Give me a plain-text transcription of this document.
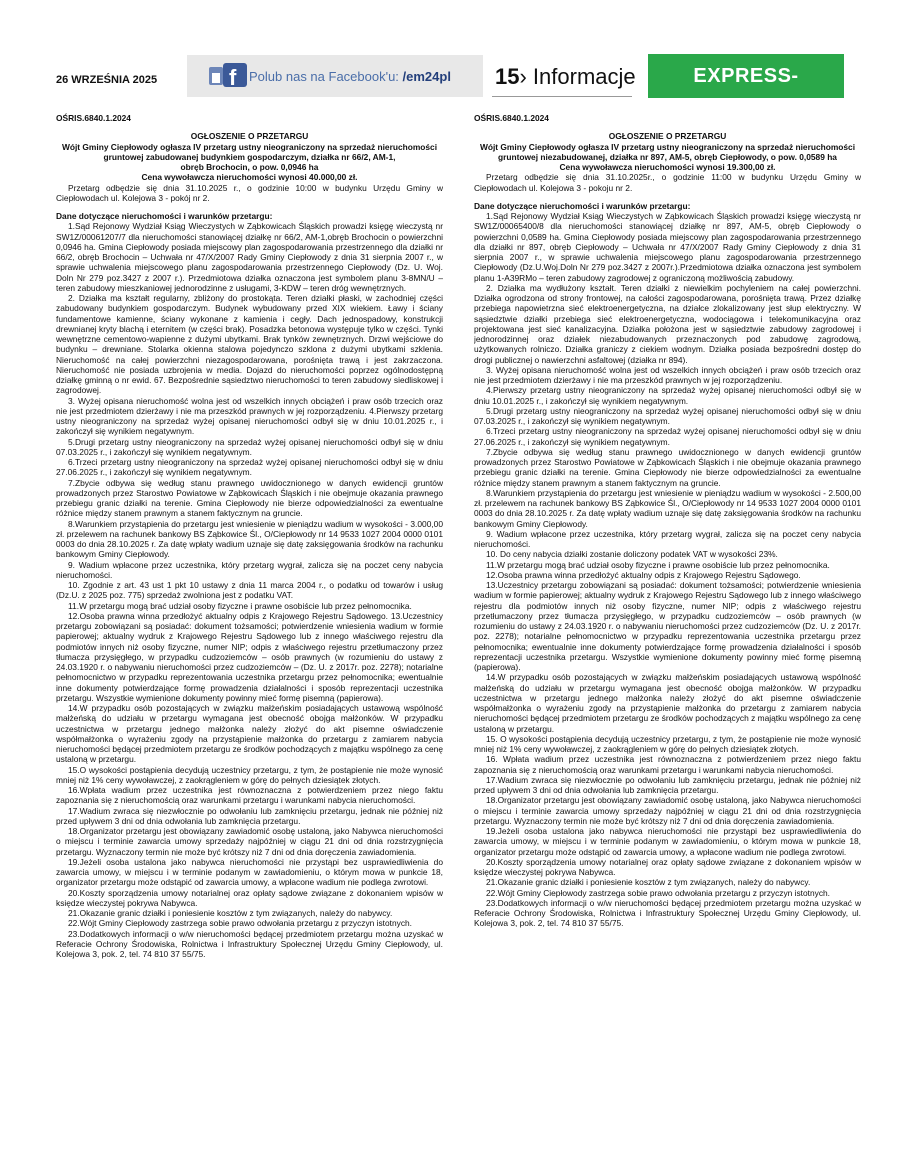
26 WRZEŚNIA 2025	f Polub nas na Facebook'u: /em24pl 15› Informacje	EXPRESS-MIEJSKI.PL

OŚRIS.6840.1.2024

OGŁOSZENIE O PRZETARGU

Wójt Gminy Ciepłowody ogłasza IV przetarg ustny nieograniczony na sprzedaż nieruchomości

gruntowej zabudowanej budynkiem gospodarczym, działka nr 66/2, AM-1,

obręb Brochocin, o pow. 0,0946 ha

Cena wywoławcza nieruchomości wynosi 40.000,00 zł.

Przetarg odbędzie się dnia 31.10.2025 r., o godzinie 10:00 w budynku Urzędu Gminy w Ciepłowodach ul. Kolejowa 3 - pokój nr 2.

Dane dotyczące nieruchomości i warunków przetargu:

1.Sąd Rejonowy Wydział Ksiąg Wieczystych w Ząbkowicach Śląskich prowadzi księgę wieczystą nr SW1Z/00061207/7 dla nieruchomości stanowiącej działkę nr 66/2, AM-1,obręb Brochocin o powierzchni 0,0946 ha. Gmina Ciepłowody posiada miejscowy plan zagospodarowania przestrzennego dla działki nr 66/2, obręb Brochocin – Uchwała nr 47/X/2007 Rady Gminy Ciepłowody z dnia 31 sierpnia 2007 r., w sprawie uchwalenia miejscowego planu zagospodarowania przestrzennego Ciepłowody (Dz. U. Woj. Doln Nr 279 poz.3427 z 2007 r.). Przedmiotowa działka oznaczona jest symbolem planu 3-8MN/U – teren zabudowy mieszkaniowej jednorodzinne z usługami, 3-KDW – teren dróg wewnętrznych.

2. Działka ma kształt regularny, zbliżony do prostokąta. Teren działki płaski, w zachodniej części zabudowany budynkiem gospodarczym. Budynek wybudowany przed XIX wiekiem. Ławy i ściany fundamentowe kamienne, ściany wykonane z kamienia i cegły. Dach jednospadowy, konstrukcji drewnianej kryty blachą i eternitem (w części brak). Posadzka betonowa występuje tylko w części. Tynki wewnętrzne cementowo-wapienne z dużymi ubytkami. Brak tynków zewnętrznych. Drzwi wejściowe do budynku – drewniane. Stolarka okienna stalowa pojedynczo szklona z dużymi ubytkami szklenia. Nieruchomość na całej powierzchni niezagospodarowana, porośnięta trawą i jest zakrzaczona. Nieruchomość nie posiada uzbrojenia w media. Dojazd do nieruchomości poprzez ogólnodostępną działkę gminną o nr ewid. 67. Bezpośrednie sąsiedztwo nieruchomości to teren zabudowy siedliskowej i zagrodowej.

3. Wyżej opisana nieruchomość wolna jest od wszelkich innych obciążeń i praw osób trzecich oraz nie jest przedmiotem dzierżawy i nie ma przeszkód prawnych w jej rozporządzeniu. 4.Pierwszy przetarg ustny nieograniczony na sprzedaż wyżej opisanej nieruchomości odbył się w dniu 10.01.2025 r., i zakończył się wynikiem negatywnym.

5.Drugi przetarg ustny nieograniczony na sprzedaż wyżej opisanej nieruchomości odbył się w dniu 07.03.2025 r., i zakończył się wynikiem negatywnym.

6.Trzeci przetarg ustny nieograniczony na sprzedaż wyżej opisanej nieruchomości odbył się w dniu 27.06.2025 r., i zakończył się wynikiem negatywnym.

7.Zbycie odbywa się według stanu prawnego uwidocznionego w danych ewidencji gruntów prowadzonych przez Starostwo Powiatowe w Ząbkowicach Śląskich i nie obejmuje okazania prawnego przebiegu granic działki na terenie. Gmina Ciepłowody nie bierze odpowiedzialności za ewentualne różnice między stanem prawnym a stanem faktycznym na gruncie.

8.Warunkiem przystąpienia do przetargu jest wniesienie w pieniądzu wadium w wysokości - 3.000,00 zł. przelewem na rachunek bankowy BS Ząbkowice Śl., O/Ciepłowody nr 14 9533 1027 2004 0000 0101 0003 do dnia 28.10.2025 r. Za datę wpłaty wadium uznaje się datę zaksięgowania środków na rachunku bankowym Gminy Ciepłowody.

9. Wadium wpłacone przez uczestnika, który przetarg wygrał, zalicza się na poczet ceny nabycia nieruchomości.

10. Zgodnie z art. 43 ust 1 pkt 10 ustawy z dnia 11 marca 2004 r., o podatku od towarów i usług (Dz.U. z 2025 poz. 775) sprzedaż zwolniona jest z podatku VAT.

11.W przetargu mogą brać udział osoby fizyczne i prawne osobiście lub przez pełnomocnika.

12.Osoba prawna winna przedłożyć aktualny odpis z Krajowego Rejestru Sądowego. 13.Uczestnicy przetargu zobowiązani są posiadać: dokument tożsamości; potwierdzenie wniesienia wadium w formie papierowej; aktualny wydruk z Krajowego Rejestru Sądowego lub z innego właściwego rejestru dla podmiotów innych niż osoby fizyczne, numer NIP; odpis z właściwego rejestru przetłumaczony przez tłumacza przysięgłego, w przypadku cudzoziemców – osób prawnych (w rozumieniu do ustawy z 24.03.1920 r. o nabywaniu nieruchomości przez cudzoziemców – (Dz. U. z 2017r. poz. 2278); notarialne pełnomocnictwo w przypadku reprezentowania uczestnika przetargu przez pełnomocnika; ewentualnie inne dokumenty potwierdzające formę prowadzenia działalności i sposób reprezentacji uczestnika przetargu. Wszystkie wymienione dokumenty powinny mieć formę pisemną (papierowa).

14.W przypadku osób pozostających w związku małżeńskim posiadających ustawową wspólność małżeńską do udziału w przetargu wymagana jest obecność obojga małżonków. W przypadku uczestnictwa w przetargu jednego małżonka należy złożyć do akt pisemne oświadczenie współmałżonka o wyrażeniu zgody na przystąpienie małżonka do przetargu z zamiarem nabycia nieruchomości będącej przedmiotem przetargu ze środków pochodzących z majątku wspólnego za cenę ustaloną w przetargu.

15.O wysokości postąpienia decydują uczestnicy przetargu, z tym, że postąpienie nie może wynosić mniej niż 1% ceny wywoławczej, z zaokrągleniem w górę do pełnych dziesiątek złotych.

16.Wpłata wadium przez uczestnika jest równoznaczna z potwierdzeniem przez niego faktu zapoznania się z nieruchomością oraz warunkami przetargu i warunkami nabycia nieruchomości.

17.Wadium zwraca się niezwłocznie po odwołaniu lub zamknięciu przetargu, jednak nie później niż przed upływem 3 dni od dnia odwołania lub zamknięcia przetargu.

18.Organizator przetargu jest obowiązany zawiadomić osobę ustaloną, jako Nabywca nieruchomości o miejscu i terminie zawarcia umowy sprzedaży najpóźniej w ciągu 21 dni od dnia rozstrzygnięcia przetargu. Wyznaczony termin nie może być krótszy niż 7 dni od dnia doręczenia zawiadomienia.

19.Jeżeli osoba ustalona jako nabywca nieruchomości nie przystąpi bez usprawiedliwienia do zawarcia umowy, w miejscu i w terminie podanym w zawiadomieniu, o którym mowa w punkcie 18, organizator przetargu może odstąpić od zawarcia umowy, a wpłacone wadium nie podlega zwrotowi.

20.Koszty sporządzenia umowy notarialnej oraz opłaty sądowe związane z dokonaniem wpisów w księdze wieczystej pokrywa Nabywca.

21.Okazanie granic działki i poniesienie kosztów z tym związanych, należy do nabywcy.

22.Wójt Gminy Ciepłowody zastrzega sobie prawo odwołania przetargu z przyczyn istotnych.

23.Dodatkowych informacji o w/w nieruchomości będącej przedmiotem przetargu można uzyskać w Referacie Ochrony Środowiska, Rolnictwa i Infrastruktury Społecznej Urzędu Gminy Ciepłowody, ul. Kolejowa 3, pok. 2, tel. 74 810 37 55/75.

OŚRIS.6840.1.2024

OGŁOSZENIE O PRZETARGU

Wójt Gminy Ciepłowody ogłasza IV przetarg ustny nieograniczony na sprzedaż nieruchomości gruntowej niezabudowanej, działka nr 897, AM-5, obręb Ciepłowody, o pow. 0,0589 ha

Cena wywoławcza nieruchomości wynosi 19.300,00 zł.

Przetarg odbędzie się dnia 31.10.2025r., o godzinie 11:00 w budynku Urzędu Gminy w Ciepłowodach ul. Kolejowa 3 - pokoju nr 2.

Dane dotyczące nieruchomości i warunków przetargu:

1.Sąd Rejonowy Wydział Ksiąg Wieczystych w Ząbkowicach Śląskich prowadzi księgę wieczystą nr SW1Z/00065400/8 dla nieruchomości stanowiącej działkę nr 897, AM-5, obręb Ciepłowody o powierzchni 0,0589 ha. Gmina Ciepłowody posiada miejscowy plan zagospodarowania przestrzennego dla działki nr 897, obręb Ciepłowody – Uchwała nr 47/X/2007 Rady Gminy Ciepłowody z dnia 31 sierpnia 2007 r., w sprawie uchwalenia miejscowego planu zagospodarowania przestrzennego Ciepłowody (Dz.U.Woj.Doln Nr 279 poz.3427 z 2007r.).Przedmiotowa działka oznaczona jest symbolem planu 1-A39RMo – teren zabudowy zagrodowej z ograniczoną możliwością zabudowy.

2. Działka ma wydłużony kształt. Teren działki z niewielkim pochyleniem na całej powierzchni. Działka ogrodzona od strony frontowej, na całości zagospodarowana, porośnięta trawą. Przez działkę przebiega napowietrzna sieć elektroenergetyczna, na działce zlokalizowany jest słup elektryczny. W sąsiedztwie działki przebiega sieć elektroenergetyczna, wodociągowa i telekomunikacyjna oraz projektowana jest sieć kanalizacyjna. Działka położona jest w sąsiedztwie zabudowy zagrodowej i jednorodzinnej oraz działek niezabudowanych przeznaczonych pod zabudowę zagrodową, użytkowanych rolniczo. Działka graniczy z ciekiem wodnym. Działka posiada bezpośredni dostęp do drogi publicznej o nawierzchni asfaltowej (działka nr 894).

3. Wyżej opisana nieruchomość wolna jest od wszelkich innych obciążeń i praw osób trzecich oraz nie jest przedmiotem dzierżawy i nie ma przeszkód prawnych w jej rozporządzeniu.

4.Pierwszy przetarg ustny nieograniczony na sprzedaż wyżej opisanej nieruchomości odbył się w dniu 10.01.2025 r., i zakończył się wynikiem negatywnym.

5.Drugi przetarg ustny nieograniczony na sprzedaż wyżej opisanej nieruchomości odbył się w dniu 07.03.2025 r., i zakończył się wynikiem negatywnym.

6.Trzeci przetarg ustny nieograniczony na sprzedaż wyżej opisanej nieruchomości odbył się w dniu 27.06.2025 r., i zakończył się wynikiem negatywnym.

7.Zbycie odbywa się według stanu prawnego uwidocznionego w danych ewidencji gruntów prowadzonych przez Starostwo Powiatowe w Ząbkowicach Śląskich i nie obejmuje okazania prawnego przebiegu granic działki na terenie. Gmina Ciepłowody nie bierze odpowiedzialności za ewentualne różnice między stanem prawnym a stanem faktycznym na gruncie.

8.Warunkiem przystąpienia do przetargu jest wniesienie w pieniądzu wadium w wysokości - 2.500,00 zł. przelewem na rachunek bankowy BS Ząbkowice Śl., O/Ciepłowody nr 14 9533 1027 2004 0000 0101 0003 do dnia 28.10.2025 r. Za datę wpłaty wadium uznaje się datę zaksięgowania środków na rachunku bankowym Gminy Ciepłowody.

9. Wadium wpłacone przez uczestnika, który przetarg wygrał, zalicza się na poczet ceny nabycia nieruchomości.

10. Do ceny nabycia działki zostanie doliczony podatek VAT w wysokości 23%.

11.W przetargu mogą brać udział osoby fizyczne i prawne osobiście lub przez pełnomocnika.

12.Osoba prawna winna przedłożyć aktualny odpis z Krajowego Rejestru Sądowego.

13.Uczestnicy przetargu zobowiązani są posiadać: dokument tożsamości; potwierdzenie wniesienia wadium w formie papierowej; aktualny wydruk z Krajowego Rejestru Sądowego lub z innego właściwego rejestru dla podmiotów innych niż osoby fizyczne, numer NIP; odpis z właściwego rejestru przetłumaczony przez tłumacza przysięgłego, w przypadku cudzoziemców – osób prawnych (w rozumieniu do ustawy z 24.03.1920 r. o nabywaniu nieruchomości przez cudzoziemców (Dz. U. z 2017r. poz. 2278); notarialne pełnomocnictwo w przypadku reprezentowania uczestnika przetargu przez pełnomocnika; ewentualnie inne dokumenty potwierdzające formę prowadzenia działalności i sposób reprezentacji uczestnika przetargu. Wszystkie wymienione dokumenty powinny mieć formę pisemną (papierowa).

14.W przypadku osób pozostających w związku małżeńskim posiadających ustawową wspólność małżeńską do udziału w przetargu wymagana jest obecność obojga małżonków. W przypadku uczestnictwa w przetargu jednego małżonka należy złożyć do akt pisemne oświadczenie współmałżonka o wyrażeniu zgody na przystąpienie małżonka do przetargu z zamiarem nabycia nieruchomości będącej przedmiotem przetargu ze środków pochodzących z majątku wspólnego za cenę ustaloną w przetargu.

15. O wysokości postąpienia decydują uczestnicy przetargu, z tym, że postąpienie nie może wynosić mniej niż 1% ceny wywoławczej, z zaokrągleniem w górę do pełnych dziesiątek złotych.

16. Wpłata wadium przez uczestnika jest równoznaczna z potwierdzeniem przez niego faktu zapoznania się z nieruchomością oraz warunkami przetargu i warunkami nabycia nieruchomości.

17.Wadium zwraca się niezwłocznie po odwołaniu lub zamknięciu przetargu, jednak nie później niż przed upływem 3 dni od dnia odwołania lub zamknięcia przetargu.

18.Organizator przetargu jest obowiązany zawiadomić osobę ustaloną, jako Nabywca nieruchomości o miejscu i terminie zawarcia umowy sprzedaży najpóźniej w ciągu 21 dni od dnia rozstrzygnięcia przetargu. Wyznaczony termin nie może być krótszy niż 7 dni od dnia doręczenia zawiadomienia.

19.Jeżeli osoba ustalona jako nabywca nieruchomości nie przystąpi bez usprawiedliwienia do zawarcia umowy, w miejscu i w terminie podanym w zawiadomieniu, o którym mowa w punkcie 18, organizator przetargu może odstąpić od zawarcia umowy, a wpłacone wadium nie podlega zwrotowi.

20.Koszty sporządzenia umowy notarialnej oraz opłaty sądowe związane z dokonaniem wpisów w księdze wieczystej pokrywa Nabywca.

21.Okazanie granic działki i poniesienie kosztów z tym związanych, należy do nabywcy.

22.Wójt Gminy Ciepłowody zastrzega sobie prawo odwołania przetargu z przyczyn istotnych.

23.Dodatkowych informacji o w/w nieruchomości będącej przedmiotem przetargu można uzyskać w Referacie Ochrony Środowiska, Rolnictwa i Infrastruktury Społecznej Urzędu Gminy Ciepłowody, ul. Kolejowa 3, pok. 2, tel. 74 810 37 55/75.
